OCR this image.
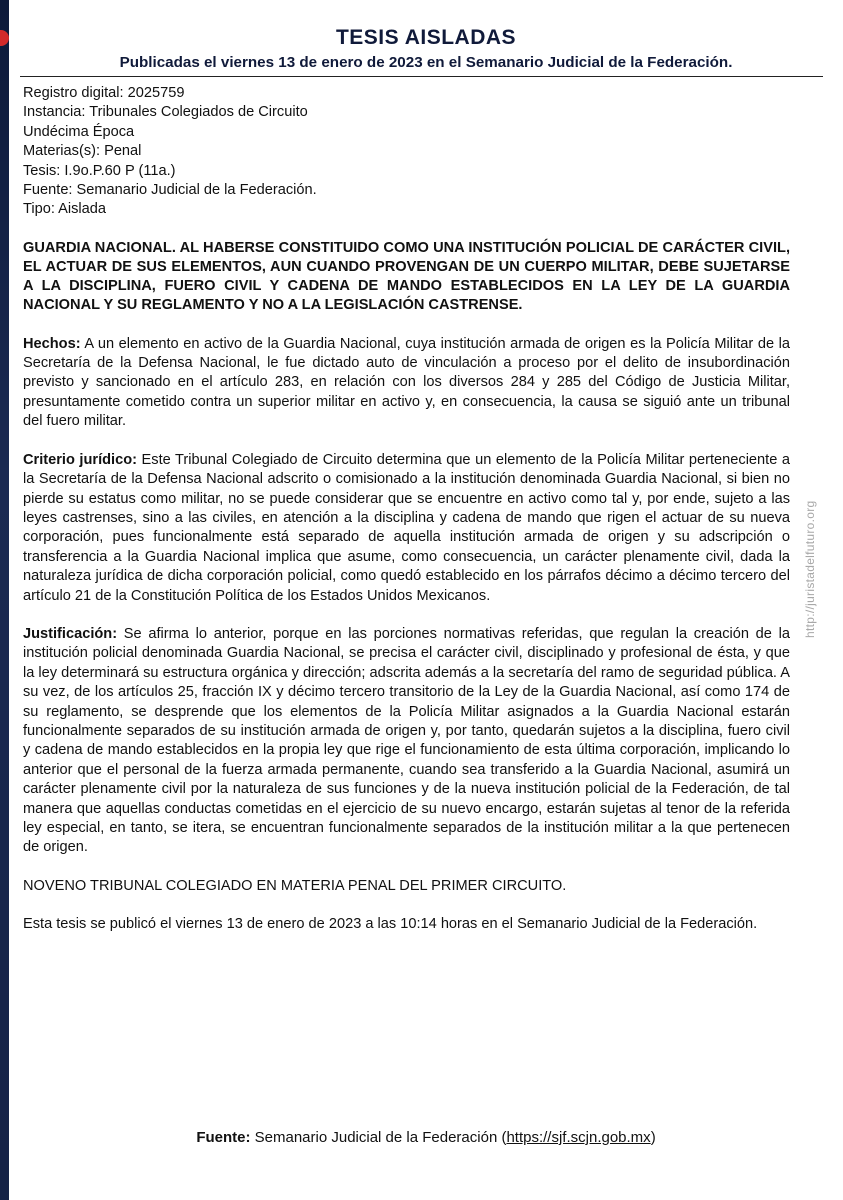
TESIS AISLADAS
Publicadas el viernes 13 de enero de 2023 en el Semanario Judicial de la Federación.
Registro digital: 2025759
Instancia: Tribunales Colegiados de Circuito
Undécima Época
Materias(s): Penal
Tesis: I.9o.P.60 P (11a.)
Fuente: Semanario Judicial de la Federación.
Tipo: Aislada
GUARDIA NACIONAL. AL HABERSE CONSTITUIDO COMO UNA INSTITUCIÓN POLICIAL DE CARÁCTER CIVIL, EL ACTUAR DE SUS ELEMENTOS, AUN CUANDO PROVENGAN DE UN CUERPO MILITAR, DEBE SUJETARSE A LA DISCIPLINA, FUERO CIVIL Y CADENA DE MANDO ESTABLECIDOS EN LA LEY DE LA GUARDIA NACIONAL Y SU REGLAMENTO Y NO A LA LEGISLACIÓN CASTRENSE.
Hechos: A un elemento en activo de la Guardia Nacional, cuya institución armada de origen es la Policía Militar de la Secretaría de la Defensa Nacional, le fue dictado auto de vinculación a proceso por el delito de insubordinación previsto y sancionado en el artículo 283, en relación con los diversos 284 y 285 del Código de Justicia Militar, presuntamente cometido contra un superior militar en activo y, en consecuencia, la causa se siguió ante un tribunal del fuero militar.
Criterio jurídico: Este Tribunal Colegiado de Circuito determina que un elemento de la Policía Militar perteneciente a la Secretaría de la Defensa Nacional adscrito o comisionado a la institución denominada Guardia Nacional, si bien no pierde su estatus como militar, no se puede considerar que se encuentre en activo como tal y, por ende, sujeto a las leyes castrenses, sino a las civiles, en atención a la disciplina y cadena de mando que rigen el actuar de su nueva corporación, pues funcionalmente está separado de aquella institución armada de origen y su adscripción o transferencia a la Guardia Nacional implica que asume, como consecuencia, un carácter plenamente civil, dada la naturaleza jurídica de dicha corporación policial, como quedó establecido en los párrafos décimo a décimo tercero del artículo 21 de la Constitución Política de los Estados Unidos Mexicanos.
Justificación: Se afirma lo anterior, porque en las porciones normativas referidas, que regulan la creación de la institución policial denominada Guardia Nacional, se precisa el carácter civil, disciplinado y profesional de ésta, y que la ley determinará su estructura orgánica y dirección; adscrita además a la secretaría del ramo de seguridad pública. A su vez, de los artículos 25, fracción IX y décimo tercero transitorio de la Ley de la Guardia Nacional, así como 174 de su reglamento, se desprende que los elementos de la Policía Militar asignados a la Guardia Nacional estarán funcionalmente separados de su institución armada de origen y, por tanto, quedarán sujetos a la disciplina, fuero civil y cadena de mando establecidos en la propia ley que rige el funcionamiento de esta última corporación, implicando lo anterior que el personal de la fuerza armada permanente, cuando sea transferido a la Guardia Nacional, asumirá un carácter plenamente civil por la naturaleza de sus funciones y de la nueva institución policial de la Federación, de tal manera que aquellas conductas cometidas en el ejercicio de su nuevo encargo, estarán sujetas al tenor de la referida ley especial, en tanto, se itera, se encuentran funcionalmente separados de la institución militar a la que pertenecen de origen.
NOVENO TRIBUNAL COLEGIADO EN MATERIA PENAL DEL PRIMER CIRCUITO.
Esta tesis se publicó el viernes 13 de enero de 2023 a las 10:14 horas en el Semanario Judicial de la Federación.
http://juristadelfuturo.org
Fuente: Semanario Judicial de la Federación (https://sjf.scjn.gob.mx)
